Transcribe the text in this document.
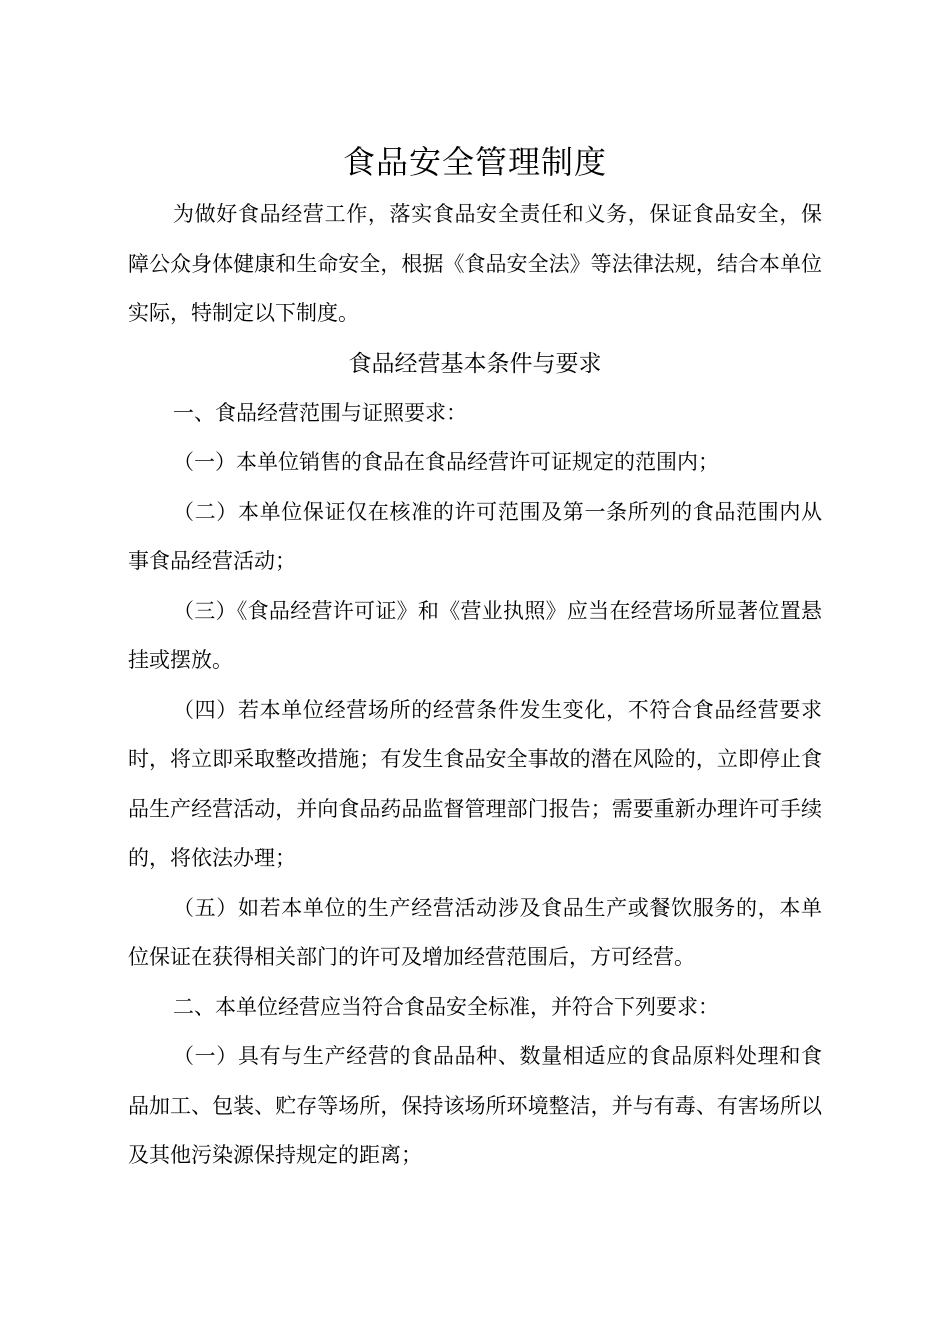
食品安全管理制度

为做好食品经营工作，落实食品安全责任和义务，保证食品安全，保障公众身体健康和生命安全，根据《食品安全法》等法律法规，结合本单位实际，特制定以下制度。

食品经营基本条件与要求

一、食品经营范围与证照要求：

（一）本单位销售的食品在食品经营许可证规定的范围内；

（二）本单位保证仅在核准的许可范围及第一条所列的食品范围内从事食品经营活动；

（三）《食品经营许可证》和《营业执照》应当在经营场所显著位置悬挂或摆放。

（四）若本单位经营场所的经营条件发生变化，不符合食品经营要求时，将立即采取整改措施；有发生食品安全事故的潜在风险的，立即停止食品生产经营活动，并向食品药品监督管理部门报告；需要重新办理许可手续的，将依法办理；

（五）如若本单位的生产经营活动涉及食品生产或餐饮服务的，本单位保证在获得相关部门的许可及增加经营范围后，方可经营。

二、本单位经营应当符合食品安全标准，并符合下列要求：

（一）具有与生产经营的食品品种、数量相适应的食品原料处理和食品加工、包装、贮存等场所，保持该场所环境整洁，并与有毒、有害场所以及其他污染源保持规定的距离；
